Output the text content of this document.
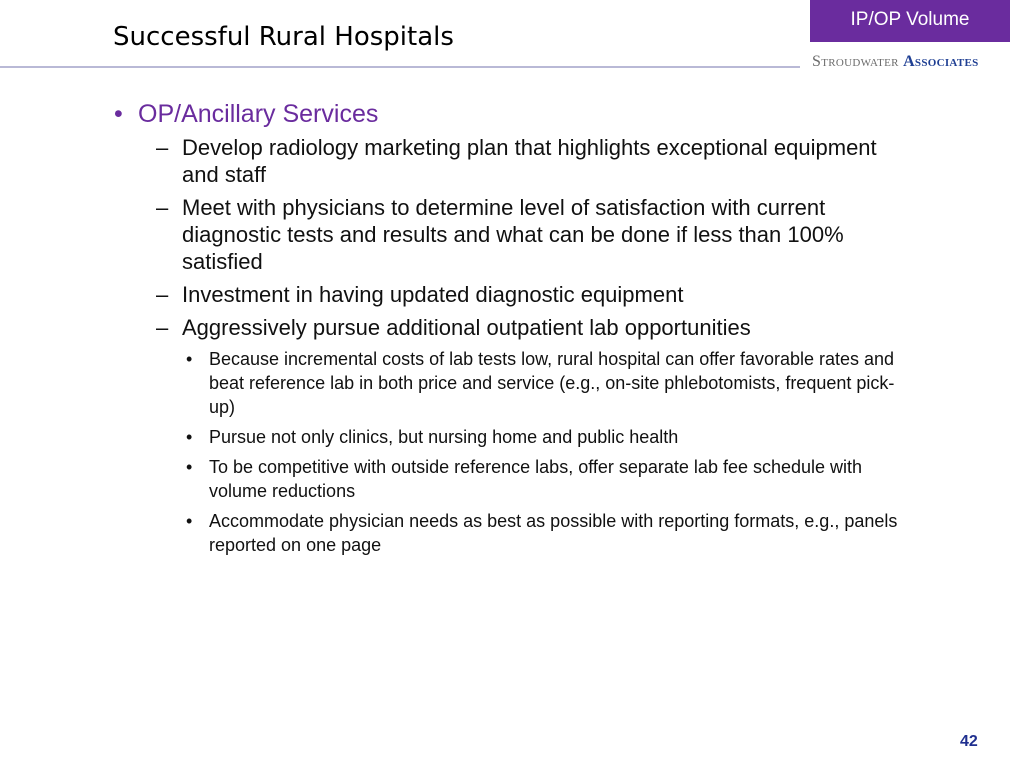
Successful Rural Hospitals
IP/OP Volume
Stroudwater Associates
• OP/Ancillary Services
– Develop radiology marketing plan that highlights exceptional equipment and staff
– Meet with physicians to determine level of satisfaction with current diagnostic tests and results and what can be done if less than 100% satisfied
– Investment in having updated diagnostic equipment
– Aggressively pursue additional outpatient lab opportunities
• Because incremental costs of lab tests low, rural hospital can offer favorable rates and beat reference lab in both price and service (e.g., on-site phlebotomists, frequent pick-up)
• Pursue not only clinics, but nursing home and public health
• To be competitive with outside reference labs, offer separate lab fee schedule with volume reductions
• Accommodate physician needs as best as possible with reporting formats, e.g., panels reported on one page
42
